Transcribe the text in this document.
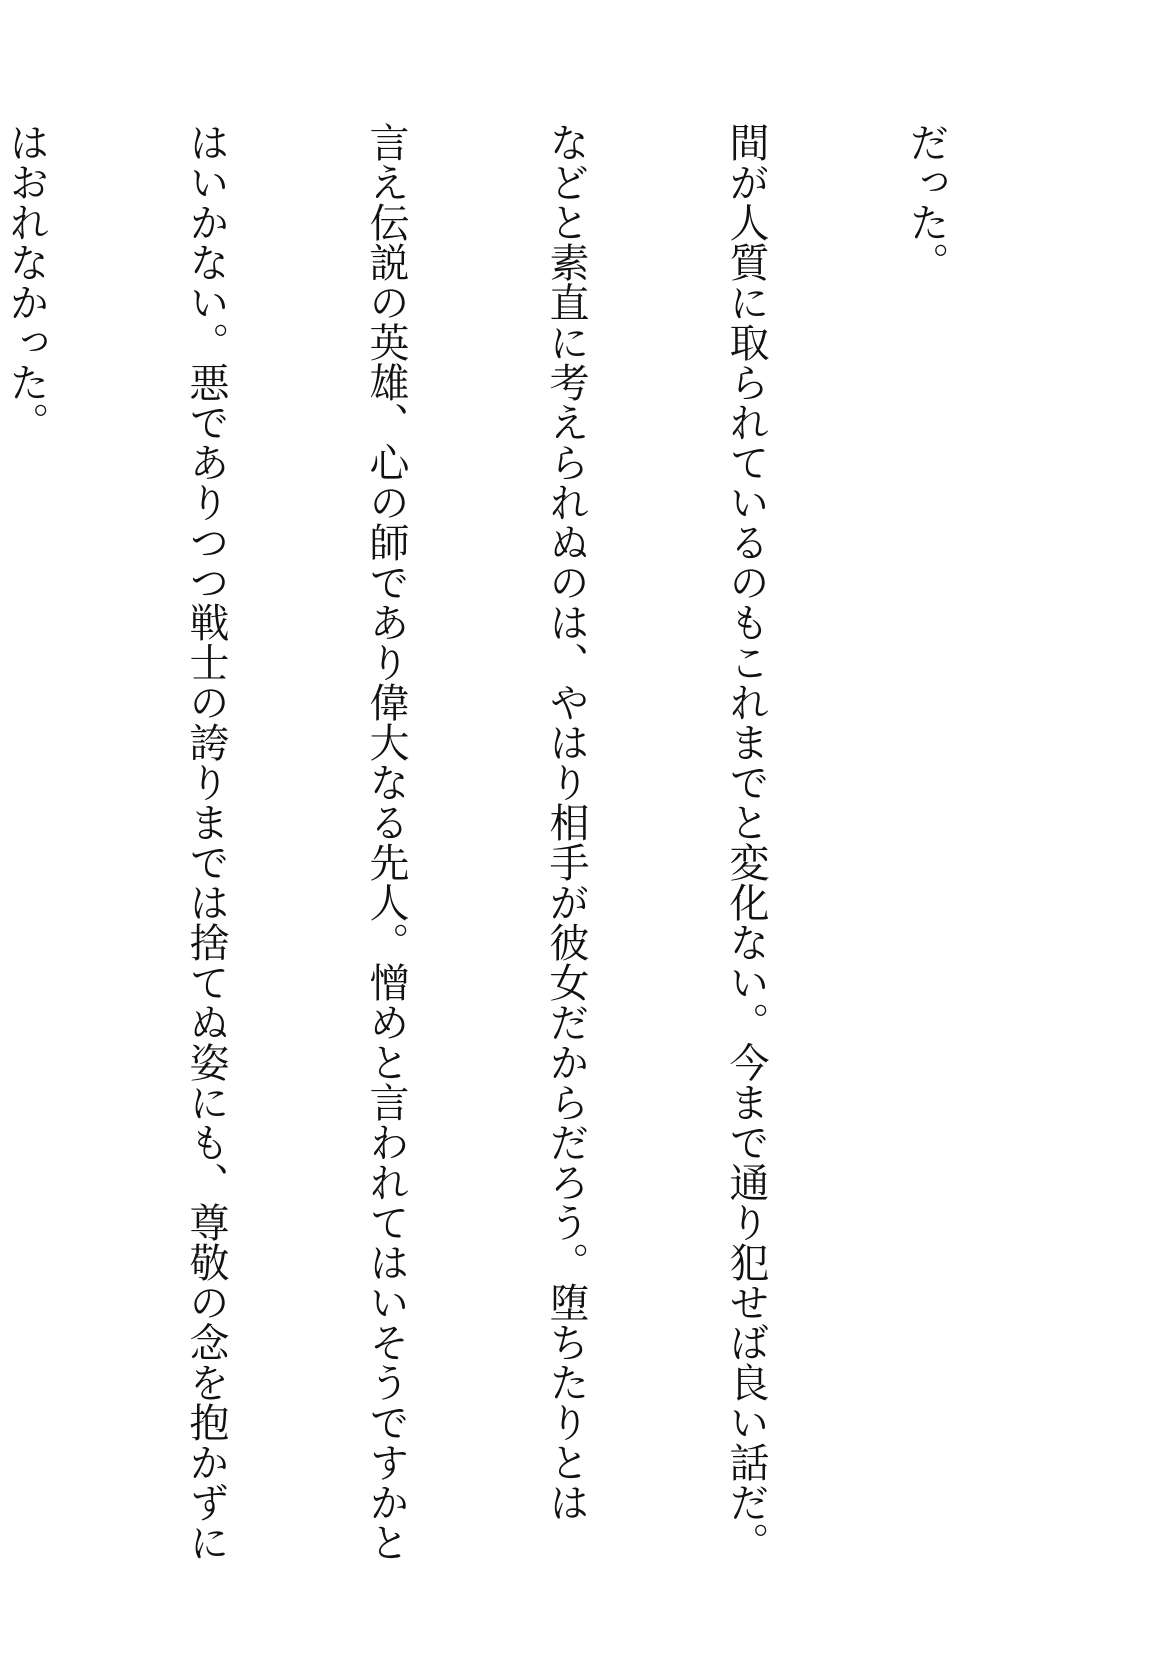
だった。

間が人質に取られているのもこれまでと変化ない。今まで通り犯せば良い話だ。

などと素直に考えられぬのは、やはり相手が彼女だからだろう。堕ちたりとは

言え伝説の英雄、心の師であり偉大なる先人。憎めと言われてはいそうですかと

はいかない。悪でありつつ戦士の誇りまでは捨てぬ姿にも、尊敬の念を抱かずに

はおれなかった。
